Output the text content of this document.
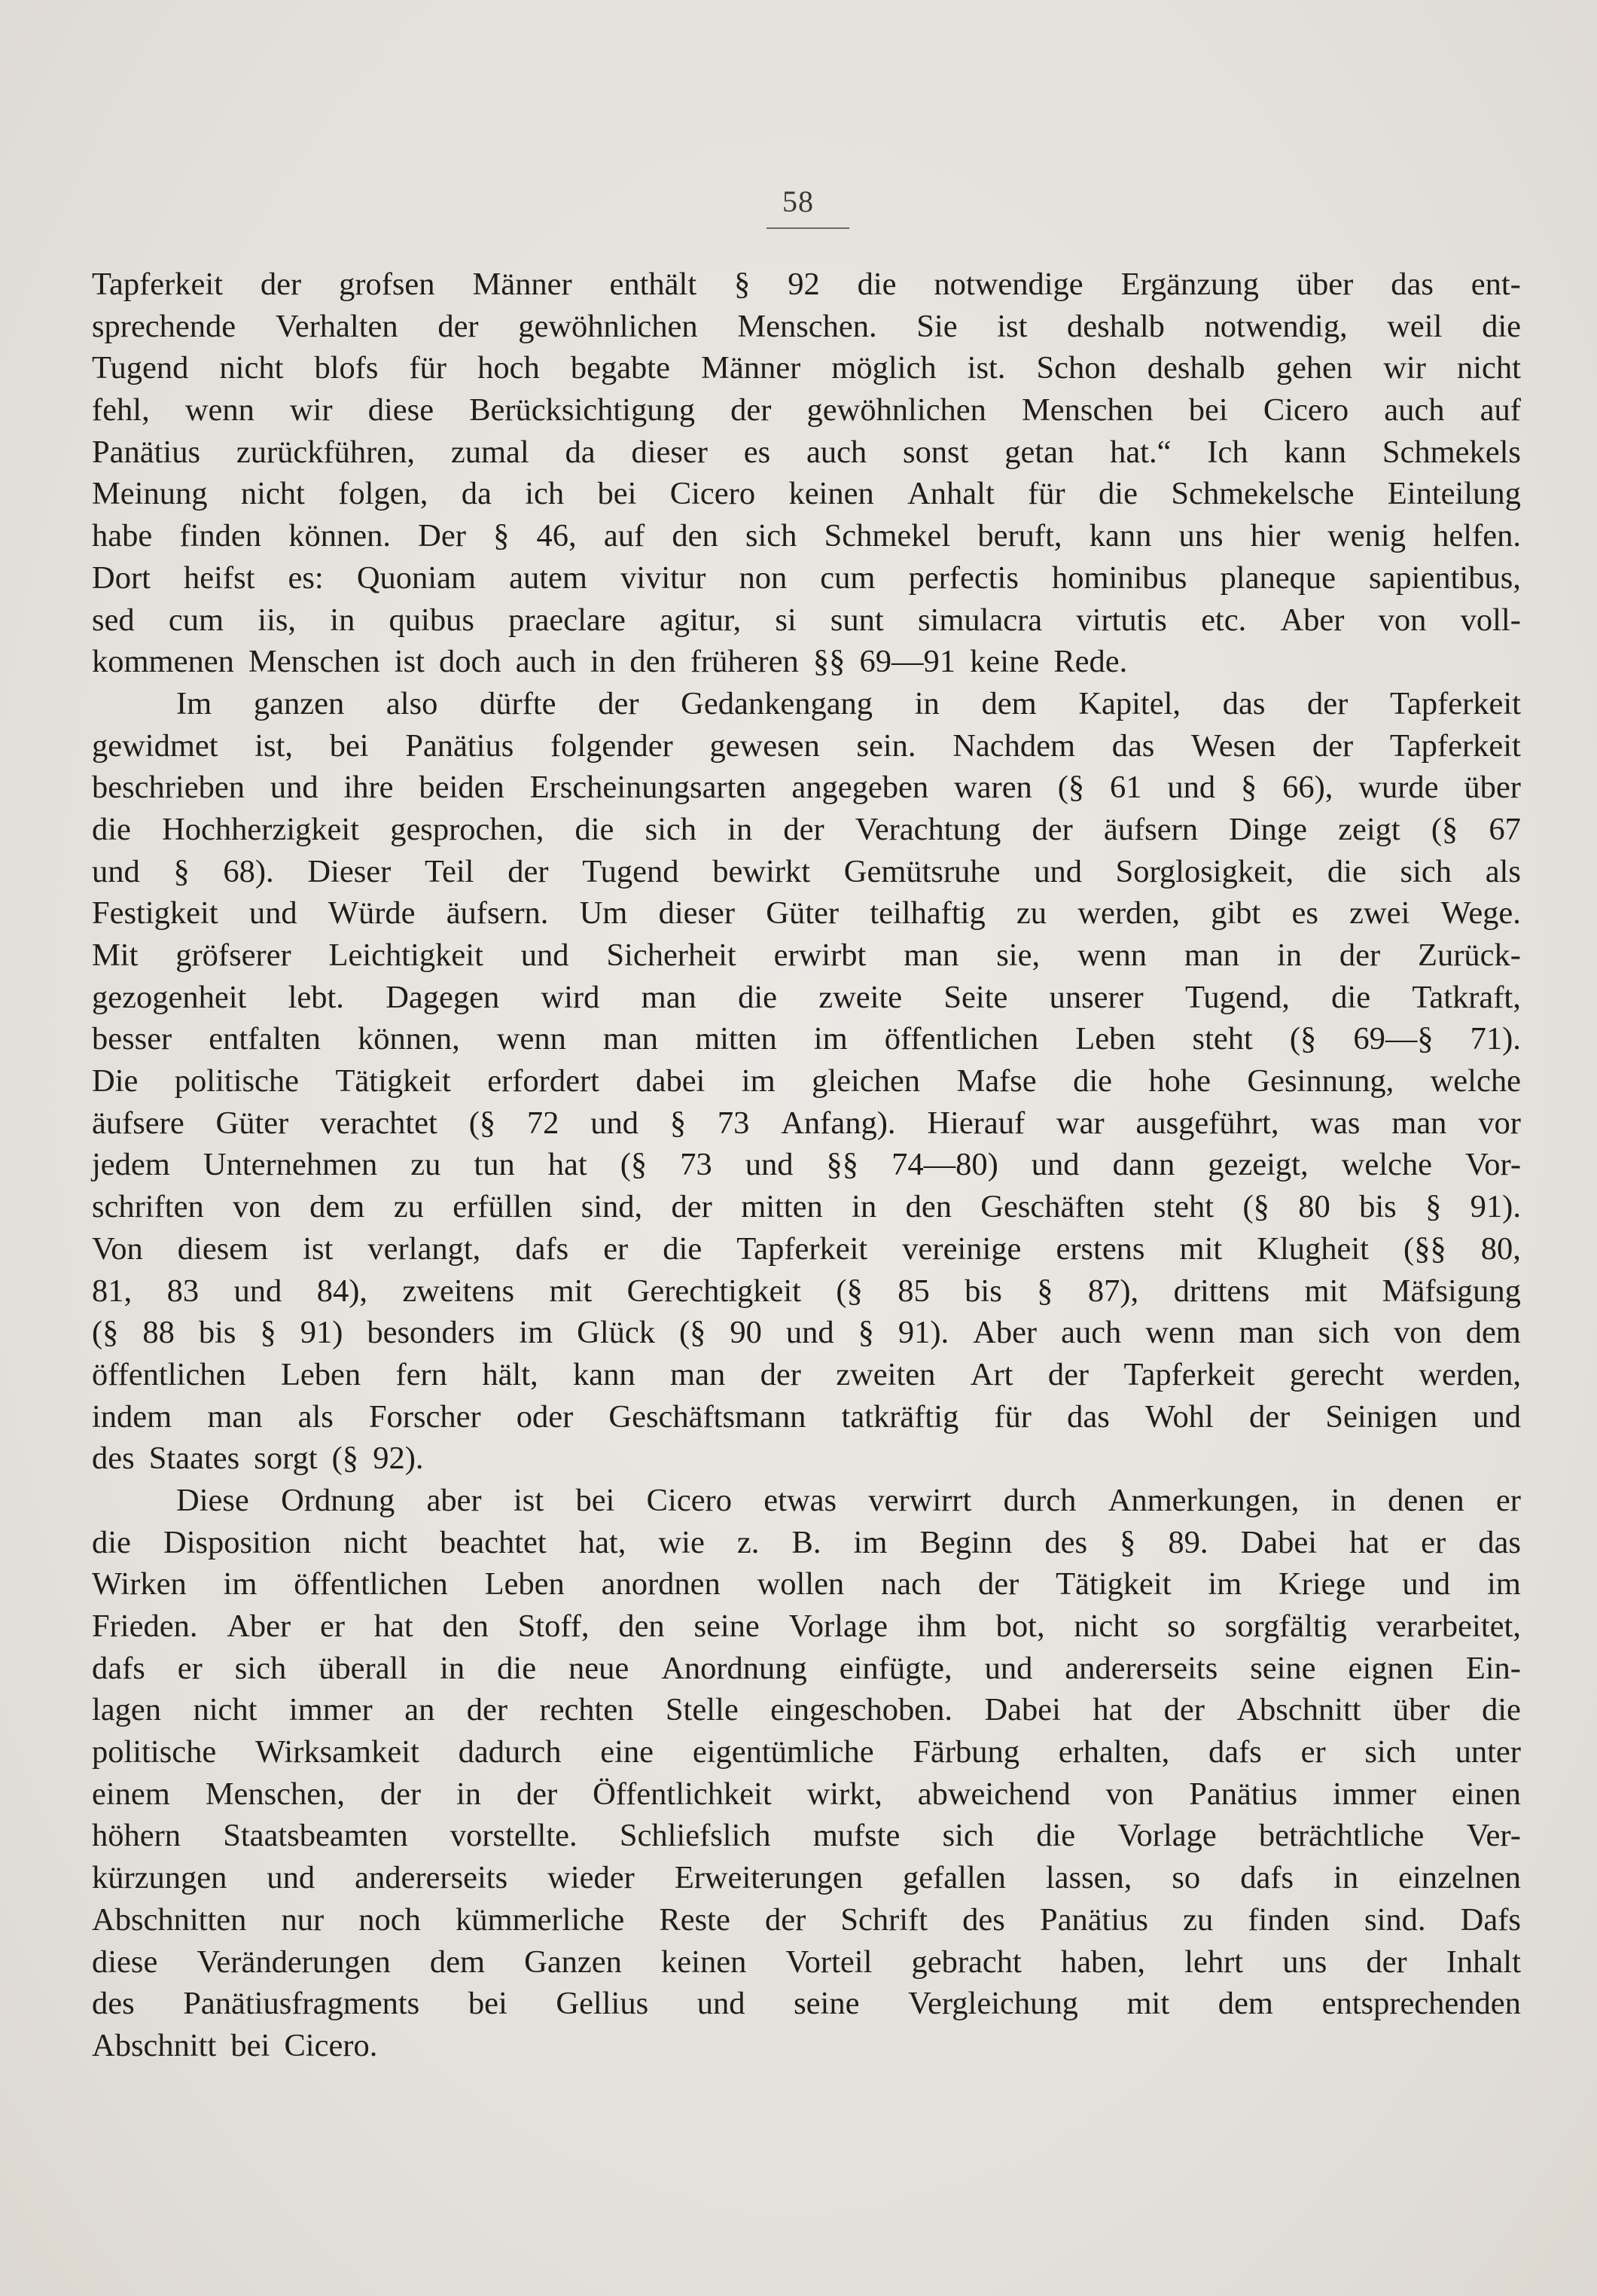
58
Tapferkeit der grofsen Männer enthält § 92 die notwendige Ergänzung über das ent-
sprechende Verhalten der gewöhnlichen Menschen. Sie ist deshalb notwendig, weil die
Tugend nicht blofs für hoch begabte Männer möglich ist. Schon deshalb gehen wir nicht
fehl, wenn wir diese Berücksichtigung der gewöhnlichen Menschen bei Cicero auch auf
Panätius zurückführen, zumal da dieser es auch sonst getan hat.“ Ich kann Schmekels
Meinung nicht folgen, da ich bei Cicero keinen Anhalt für die Schmekelsche Einteilung
habe finden können. Der § 46, auf den sich Schmekel beruft, kann uns hier wenig helfen.
Dort heifst es: Quoniam autem vivitur non cum perfectis hominibus planeque sapientibus,
sed cum iis, in quibus praeclare agitur, si sunt simulacra virtutis etc. Aber von voll-
kommenen Menschen ist doch auch in den früheren §§ 69—91 keine Rede.
Im ganzen also dürfte der Gedankengang in dem Kapitel, das der Tapferkeit
gewidmet ist, bei Panätius folgender gewesen sein. Nachdem das Wesen der Tapferkeit
beschrieben und ihre beiden Erscheinungsarten angegeben waren (§ 61 und § 66), wurde über
die Hochherzigkeit gesprochen, die sich in der Verachtung der äufsern Dinge zeigt (§ 67
und § 68). Dieser Teil der Tugend bewirkt Gemütsruhe und Sorglosigkeit, die sich als
Festigkeit und Würde äufsern. Um dieser Güter teilhaftig zu werden, gibt es zwei Wege.
Mit gröfserer Leichtigkeit und Sicherheit erwirbt man sie, wenn man in der Zurück-
gezogenheit lebt. Dagegen wird man die zweite Seite unserer Tugend, die Tatkraft,
besser entfalten können, wenn man mitten im öffentlichen Leben steht (§ 69—§ 71).
Die politische Tätigkeit erfordert dabei im gleichen Mafse die hohe Gesinnung, welche
äufsere Güter verachtet (§ 72 und § 73 Anfang). Hierauf war ausgeführt, was man vor
jedem Unternehmen zu tun hat (§ 73 und §§ 74—80) und dann gezeigt, welche Vor-
schriften von dem zu erfüllen sind, der mitten in den Geschäften steht (§ 80 bis § 91).
Von diesem ist verlangt, dafs er die Tapferkeit vereinige erstens mit Klugheit (§§ 80,
81, 83 und 84), zweitens mit Gerechtigkeit (§ 85 bis § 87), drittens mit Mäfsigung
(§ 88 bis § 91) besonders im Glück (§ 90 und § 91). Aber auch wenn man sich von dem
öffentlichen Leben fern hält, kann man der zweiten Art der Tapferkeit gerecht werden,
indem man als Forscher oder Geschäftsmann tatkräftig für das Wohl der Seinigen und
des Staates sorgt (§ 92).
Diese Ordnung aber ist bei Cicero etwas verwirrt durch Anmerkungen, in denen er
die Disposition nicht beachtet hat, wie z. B. im Beginn des § 89. Dabei hat er das
Wirken im öffentlichen Leben anordnen wollen nach der Tätigkeit im Kriege und im
Frieden. Aber er hat den Stoff, den seine Vorlage ihm bot, nicht so sorgfältig verarbeitet,
dafs er sich überall in die neue Anordnung einfügte, und andererseits seine eignen Ein-
lagen nicht immer an der rechten Stelle eingeschoben. Dabei hat der Abschnitt über die
politische Wirksamkeit dadurch eine eigentümliche Färbung erhalten, dafs er sich unter
einem Menschen, der in der Öffentlichkeit wirkt, abweichend von Panätius immer einen
höhern Staatsbeamten vorstellte. Schliefslich mufste sich die Vorlage beträchtliche Ver-
kürzungen und andererseits wieder Erweiterungen gefallen lassen, so dafs in einzelnen
Abschnitten nur noch kümmerliche Reste der Schrift des Panätius zu finden sind. Dafs
diese Veränderungen dem Ganzen keinen Vorteil gebracht haben, lehrt uns der Inhalt
des Panätiusfragments bei Gellius und seine Vergleichung mit dem entsprechenden
Abschnitt bei Cicero.
